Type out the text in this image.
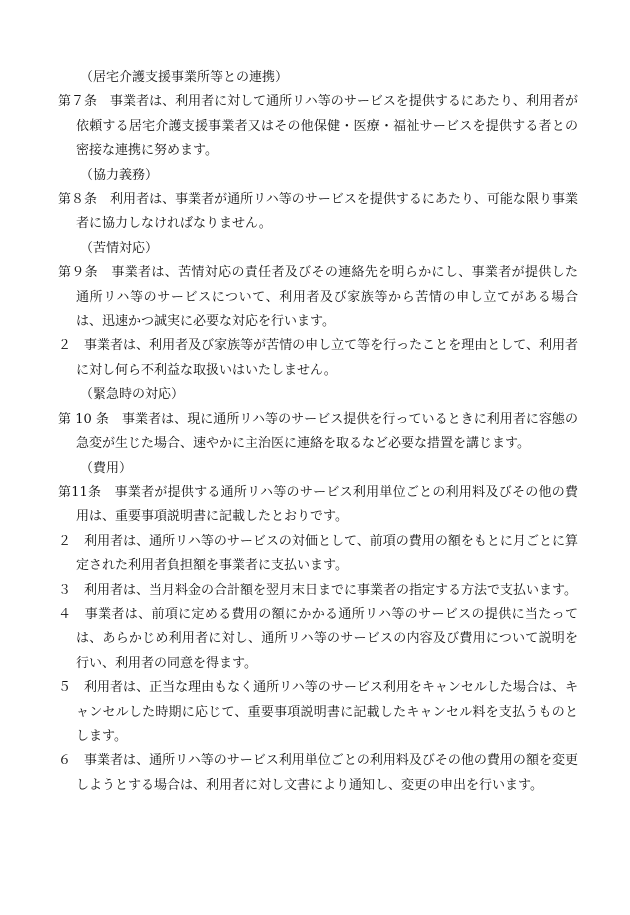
（居宅介護支援事業所等との連携）
第７条　 事業者は、利用者に対して通所リハ等のサービスを提供するにあたり、利用者が依頼する居宅介護支援事業者又はその他保健・医療・福祉サービスを提供する者との密接な連携に努めます。
（協力義務）
第８条　 利用者は、事業者が通所リハ等のサービスを提供するにあたり、可能な限り事業者に協力しなければなりません。
（苦情対応）
第９条　 事業者は、苦情対応の責任者及びその連絡先を明らかにし、事業者が提供した通所リハ等のサービスについて、利用者及び家族等から苦情の申し立てがある場合は、迅速かつ誠実に必要な対応を行います。
２　 事業者は、利用者及び家族等が苦情の申し立て等を行ったことを理由として、利用者に対し何ら不利益な取扱いはいたしません。
（緊急時の対応）
第 10 条　 事業者は、現に通所リハ等のサービス提供を行っているときに利用者に容態の急変が生じた場合、速やかに主治医に連絡を取るなど必要な措置を講じます。
（費用）
第11条　 事業者が提供する通所リハ等のサービス利用単位ごとの利用料及びその他の費用は、重要事項説明書に記載したとおりです。
２　 利用者は、通所リハ等のサービスの対価として、前項の費用の額をもとに月ごとに算定された利用者負担額を事業者に支払います。
３　 利用者は、当月料金の合計額を翌月末日までに事業者の指定する方法で支払います。
４　 事業者は、前項に定める費用の額にかかる通所リハ等のサービスの提供に当たっては、あらかじめ利用者に対し、通所リハ等のサービスの内容及び費用について説明を行い、利用者の同意を得ます。
５　 利用者は、正当な理由もなく通所リハ等のサービス利用をキャンセルした場合は、キャンセルした時期に応じて、重要事項説明書に記載したキャンセル料を支払うものとします。
６　 事業者は、通所リハ等のサービス利用単位ごとの利用料及びその他の費用の額を変更しようとする場合は、利用者に対し文書により通知し、変更の申出を行います。
